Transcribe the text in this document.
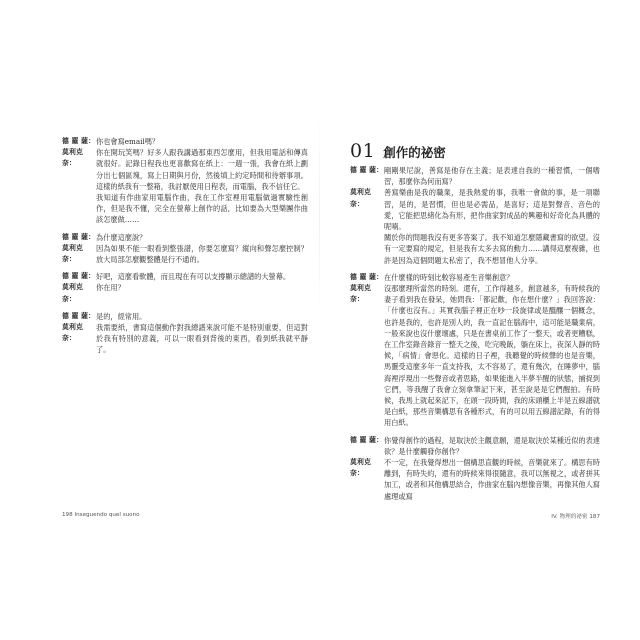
德 羅 薩： 你也會寫email嗎？

莫利克奈：

你在開玩笑嗎？好多人跟我講過那東西怎麼用，但我用電話和傳真就很好。記錄日程我也更喜歡寫在紙上：一週一張，我會在紙上劃分出七個區塊，寫上日期與月份，然後填上約定時間和待辦事項。這樣的紙我有一整箱，我討厭使用日程表，而電腦，我不信任它。

我知道有作曲家用電腦作曲，我在工作室裡用電腦做過實驗性創作，但是我不懂，完全在螢幕上創作的話，比如要為大型樂團作曲該怎麼做……

德 羅 薩： 為什麼這麼說？

莫利克奈：

因為如果不能一眼看到整張譜，你要怎麼寫？縱向和聲怎麼控制？放大局部怎麼觀整體是行不通的。

德 羅 薩： 好吧，這麼看軟體，而且現在有可以支撐顯示總譜的大螢幕。

莫利克奈：

你在用？

德 羅 薩： 是的，經常用。

莫利克奈：

我需要紙，書寫這個動作對我總譜來說可能不是特別重要，但這對於我有特別的意義，可以一眼看到背後的東西，看到紙我就平靜了。

198 Inseguendo quel suono
01 創作的祕密
德 羅 薩： 剛剛果尼說，善寫是他存在主義；是表達自我的一種習慣，一個嗜習，那麼你為何而寫？

莫利克奈：

善寫樂曲是我的職業，是我熱愛的事，我唯一會做的事，是一項聯習，是的，是習慣，但也是必需品，是喜好；這是對聲音、音色的愛，它能把思緒化為有形，把作曲家對成品的興趣和好奇化為具體的呢喃。

關於你的問題我沒有更多答案了。我不知道怎麼隱藏書寫的欲望。沒有一定要寫的規定，但是我有太多去寫的動力……講得這麼複雜，也許是因為這個問題太私密了，我不想冒他人分享。

德 羅 薩： 在什麼樣的時刻比較容易產生音樂創意？

莫利克奈：

沒那麼理所當然的時刻。還有，工作得越多，創意越多，有時候我的妻子看到我在發呆，她問我：「都記歡，你在想什麼？」我回答說：「什麼也沒有。」其實我腦子裡正在吵一段旋律或是醞釀一個概念，也許是我的，也許是別人的，我一直記在腦海中，這可能是職業病，一般來說也沒什麼壞處，只是在書桌前工作了一整天，或者更糟糕，在工作室錄音錄音一整天之後，吃完晚飯，躺在床上，夜深人靜的時候，「病情」會惡化。這樣的日子裡，我聽覺的時候聲的也是音樂，馬靈受這麼多年一直支持我，太不容易了，還有幾次，在睡夢中，腦海裡浮現出一些聲音或者思路，如果能進入半夢半醒的狀態，捕捉到它們，等我醒了我會立刻拿筆記下來，甚至說是是它們醒拍。有時候，我馬上就起來記下，在頭一段時間，我的床頭櫃上半是五線譜就是白紙，那些音樂構思有各種形式，有的可以用五線譜記錄，有的得用白紙。

德 羅 薩： 你覺得創作的過程，是取決於主觀意願，還是取決於某種近似的表達欲？是什麼觸發你創作？

莫利克奈：

不一定，在我覺得想出一個構思直觀的時候，音樂就來了。構思有時離到，有時失約，還有的時候來得很隨意，我可以無視之，或者拼其加工，或者和其他構思結合，作曲家在腦內想像音樂，再像其他人寫處理或寫

IV. 物理的祕密 187
